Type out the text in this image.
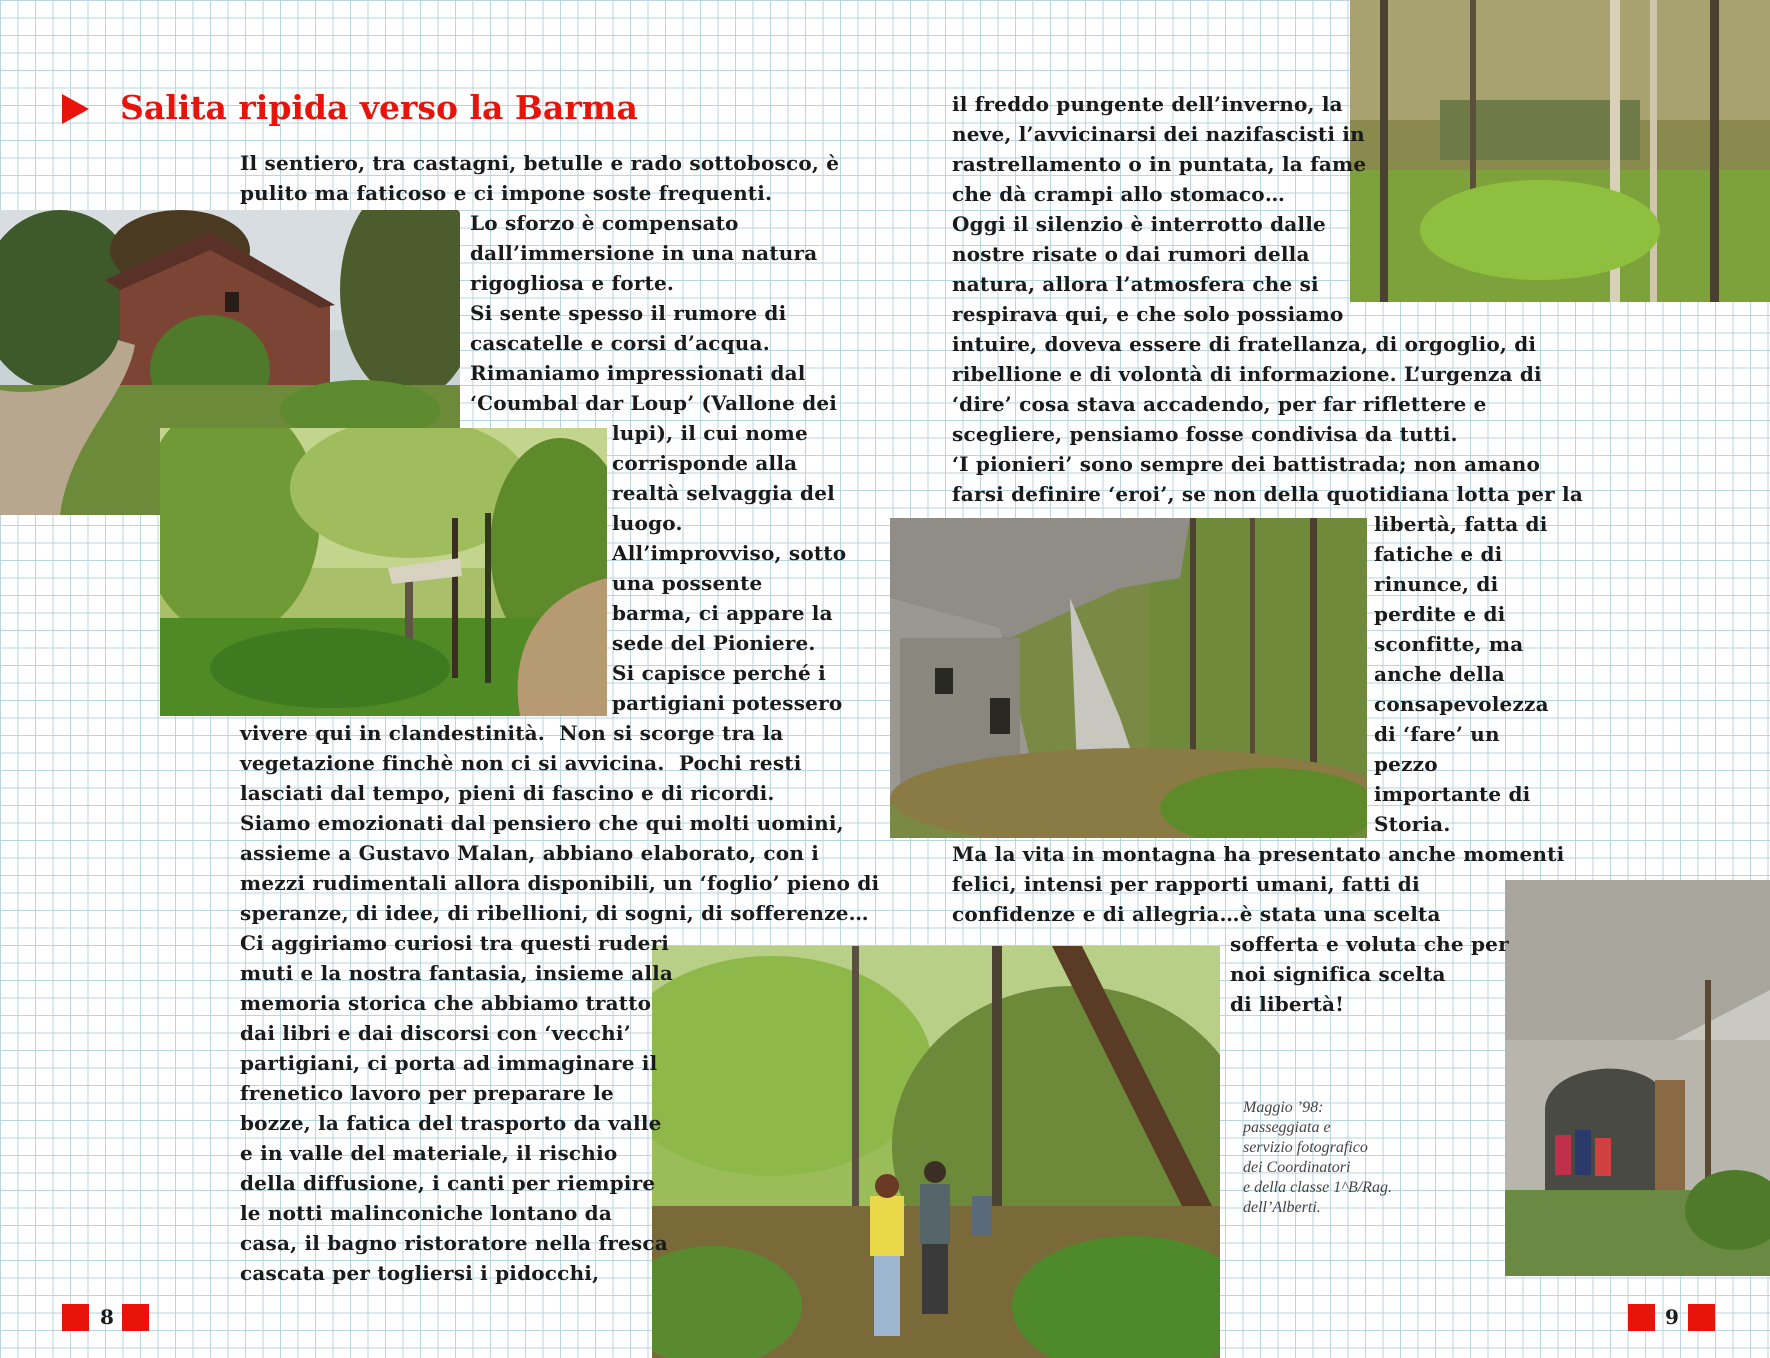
Salita ripida verso la Barma

Il sentiero, tra castagni, betulle e rado sottobosco, è
pulito ma faticoso e ci impone soste frequenti.

Lo sforzo è compensato
dall’immersione in una natura
rigogliosa e forte.
Si sente spesso il rumore di
cascatelle e corsi d’acqua.
Rimaniamo impressionati dal
‘Coumbal dar Loup’ (Vallone dei

lupi), il cui nome
corrisponde alla
realtà selvaggia del
luogo.
All’improvviso, sotto
una possente
barma, ci appare la
sede del Pioniere.
Si capisce perché i
partigiani potessero

vivere qui in clandestinità.  Non si scorge tra la
vegetazione finchè non ci si avvicina.  Pochi resti
lasciati dal tempo, pieni di fascino e di ricordi.
Siamo emozionati dal pensiero che qui molti uomini,
assieme a Gustavo Malan, abbiano elaborato, con i
mezzi rudimentali allora disponibili, un ‘foglio’ pieno di
speranze, di idee, di ribellioni, di sogni, di sofferenze…

Ci aggiriamo curiosi tra questi ruderi
muti e la nostra fantasia, insieme alla
memoria storica che abbiamo tratto
dai libri e dai discorsi con ‘vecchi’
partigiani, ci porta ad immaginare il
frenetico lavoro per preparare le
bozze, la fatica del trasporto da valle
e in valle del materiale, il rischio
della diffusione, i canti per riempire
le notti malinconiche lontano da
casa, il bagno ristoratore nella fresca
cascata per togliersi i pidocchi,

il freddo pungente dell’inverno, la
neve, l’avvicinarsi dei nazifascisti in
rastrellamento o in puntata, la fame
che dà crampi allo stomaco…
Oggi il silenzio è interrotto dalle
nostre risate o dai rumori della
natura, allora l’atmosfera che si
respirava qui, e che solo possiamo

intuire, doveva essere di fratellanza, di orgoglio, di
ribellione e di volontà di informazione. L’urgenza di
‘dire’ cosa stava accadendo, per far riflettere e
scegliere, pensiamo fosse condivisa da tutti.
‘I pionieri’ sono sempre dei battistrada; non amano
farsi definire ‘eroi’, se non della quotidiana lotta per la

libertà, fatta di
fatiche e di
rinunce, di
perdite e di
sconfitte, ma
anche della
consapevolezza
di ‘fare’ un
pezzo
importante di
Storia.

Ma la vita in montagna ha presentato anche momenti
felici, intensi per rapporti umani, fatti di
confidenze e di allegria…è stata una scelta

sofferta e voluta che per
noi significa scelta
di libertà!

Maggio ’98:
passeggiata e
servizio fotografico
dei Coordinatori
e della classe 1^B/Rag.
dell’Alberti.

8	9
